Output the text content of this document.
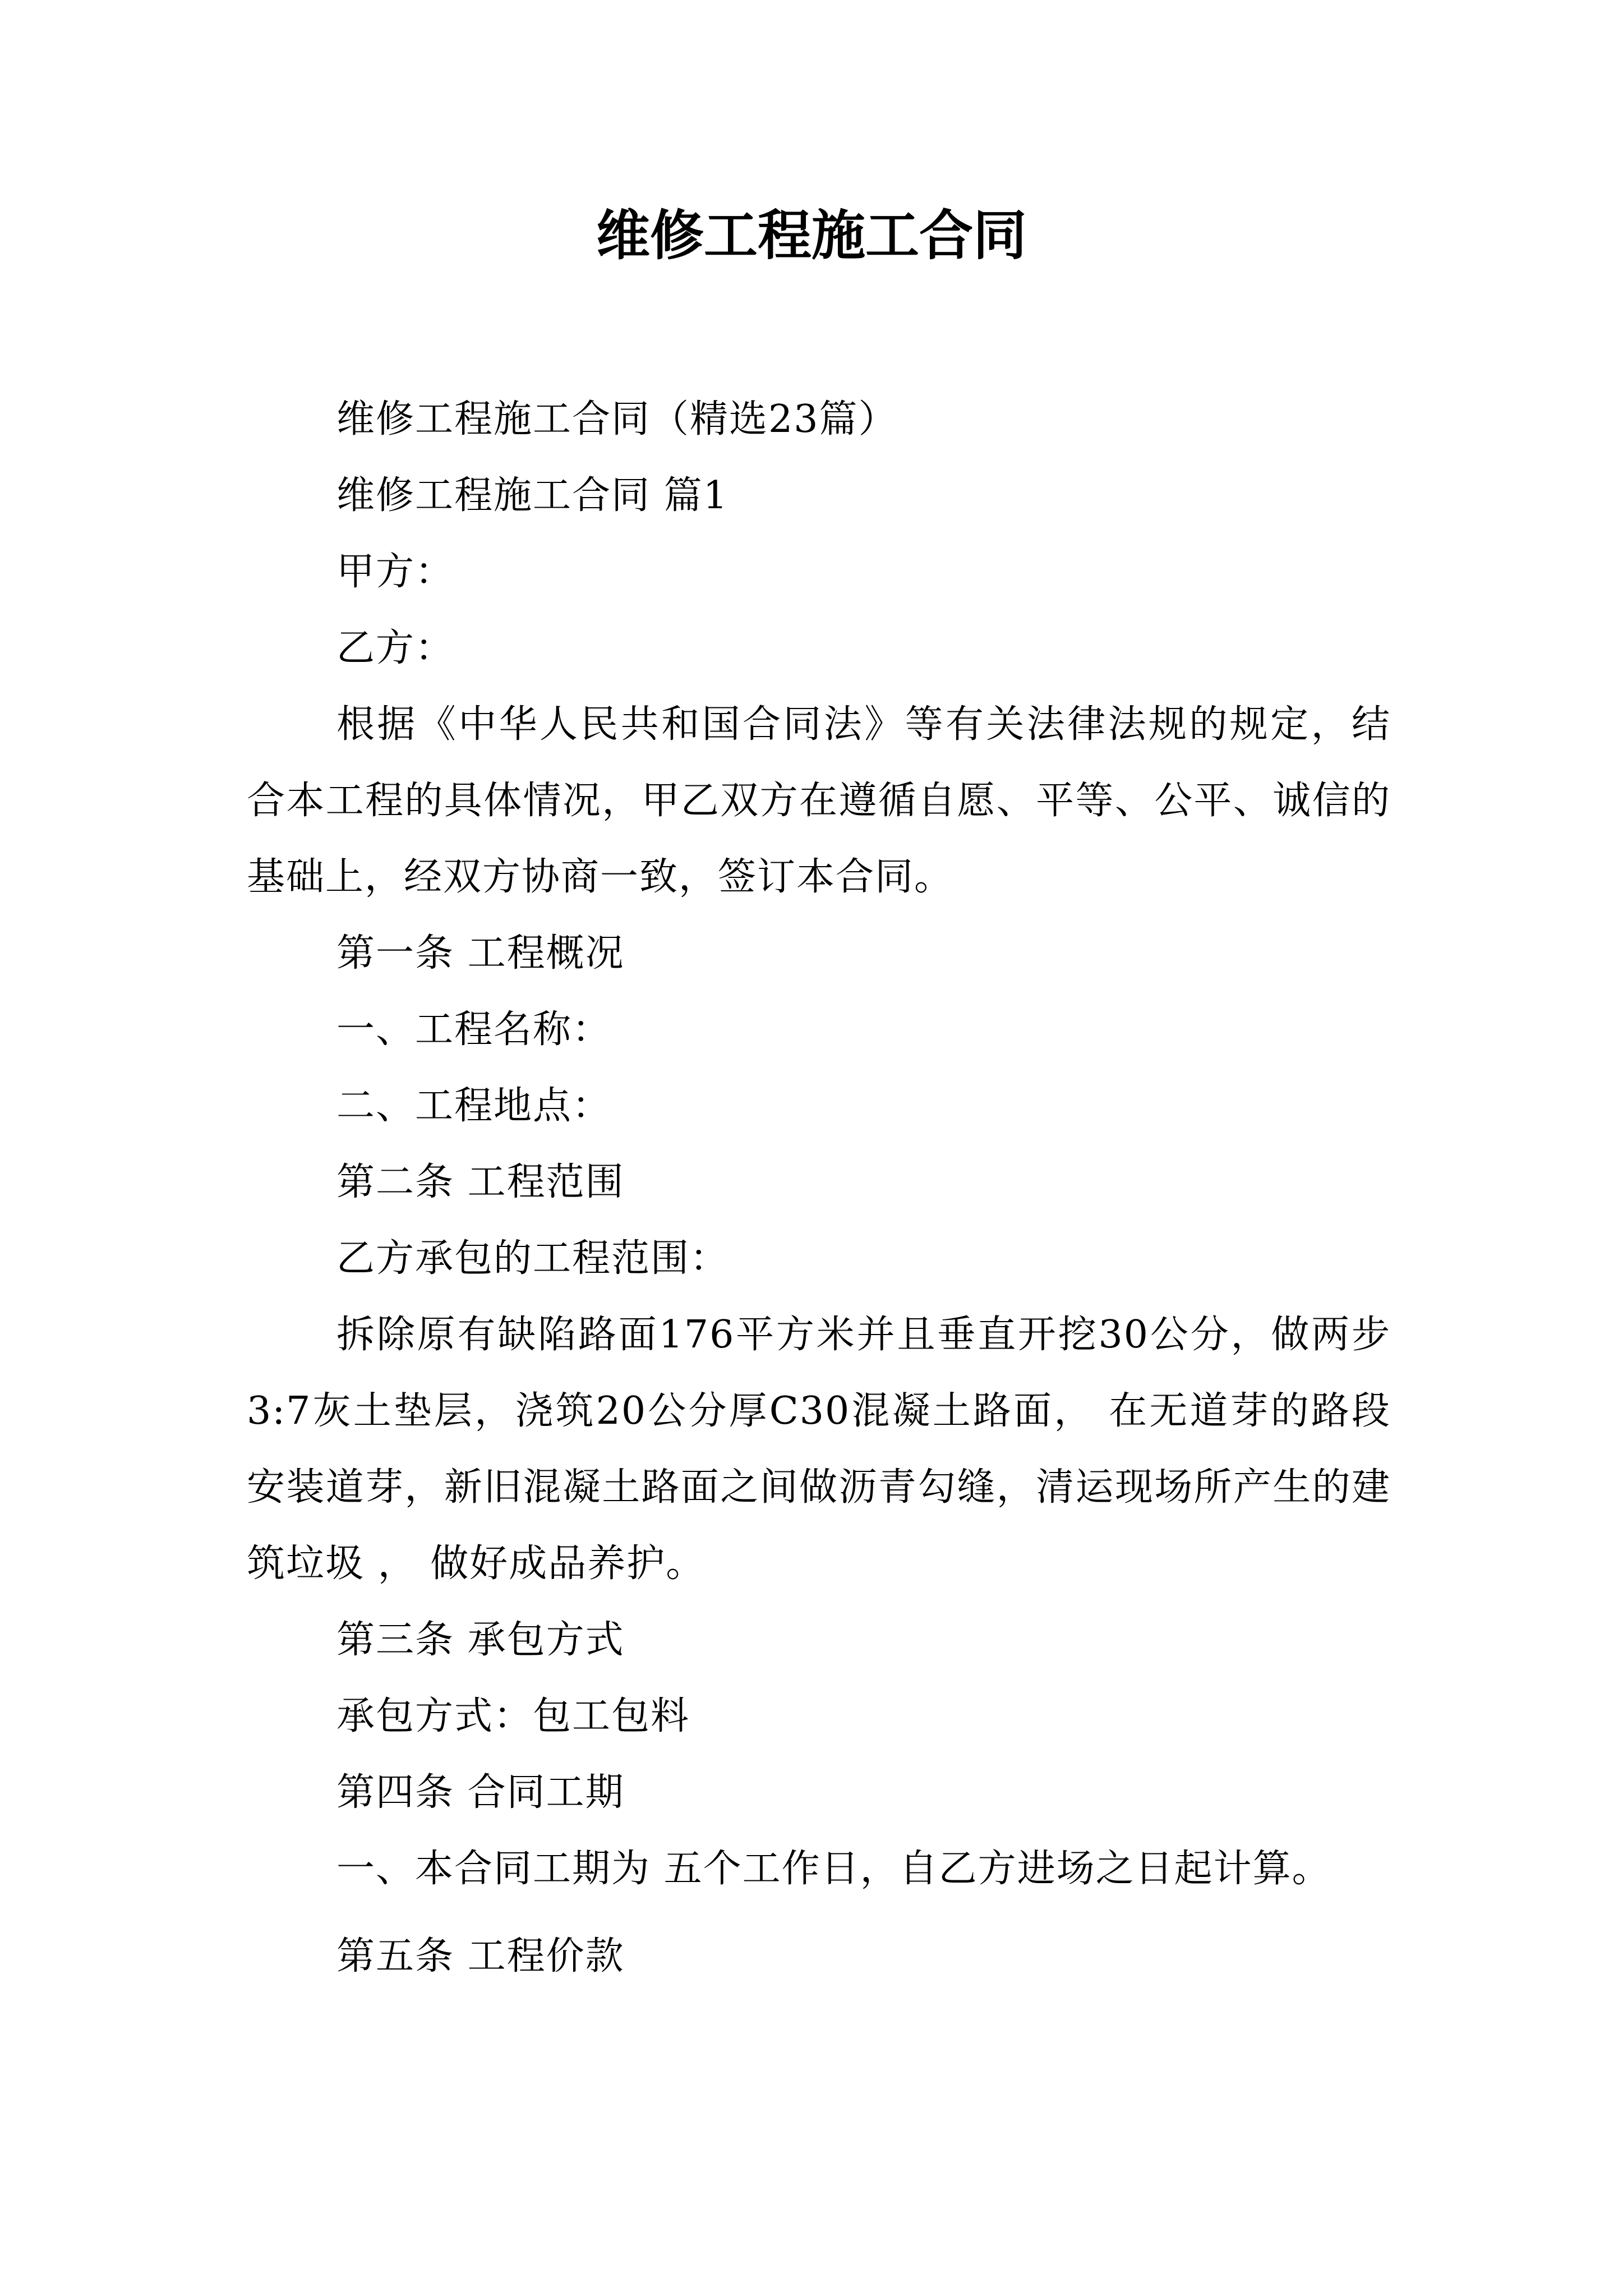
维修工程施工合同

维修工程施工合同（精选23篇）

维修工程施工合同 篇1

甲方：

乙方：

根据《中华人民共和国合同法》等有关法律法规的规定，结合本工程的具体情况，甲乙双方在遵循自愿、平等、公平、诚信的基础上，经双方协商一致，签订本合同。

第一条 工程概况

一、工程名称：

二、工程地点：

第二条 工程范围

乙方承包的工程范围：

拆除原有缺陷路面176平方米并且垂直开挖30公分，做两步3:7灰土垫层，浇筑20公分厚C30混凝土路面， 在无道芽的路段安装道芽，新旧混凝土路面之间做沥青勾缝，清运现场所产生的建筑垃圾 ， 做好成品养护。

第三条 承包方式

承包方式：包工包料

第四条 合同工期

一、本合同工期为 五个工作日，自乙方进场之日起计算。

第五条 工程价款
